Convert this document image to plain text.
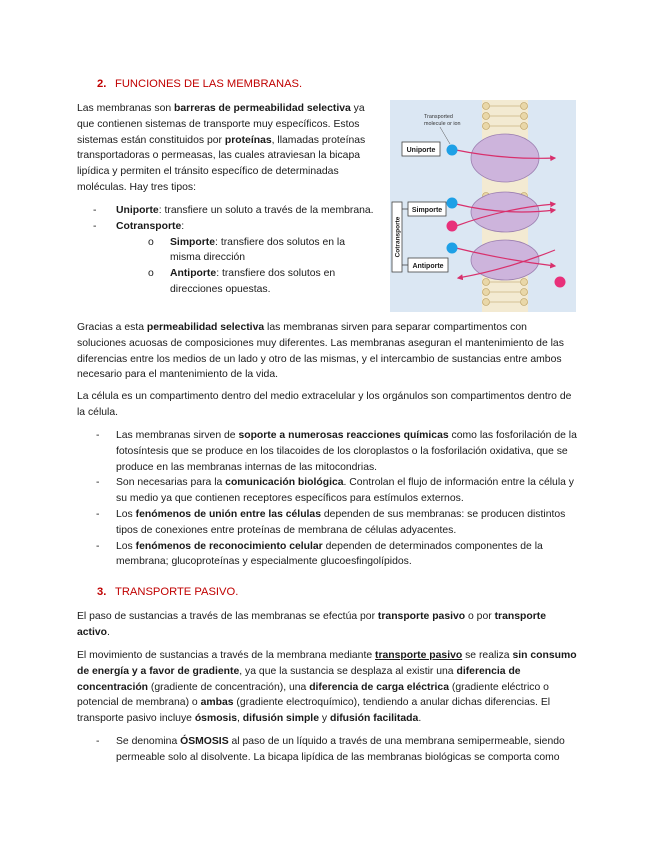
2. FUNCIONES DE LAS MEMBRANAS.

Las membranas son barreras de permeabilidad selectiva ya que contienen sistemas de transporte muy específicos. Estos sistemas están constituidos por proteínas, llamadas proteínas transportadoras o permeasas, las cuales atraviesan la bicapa lipídica y permiten el tránsito específico de determinadas moléculas. Hay tres tipos:

- Uniporte: transfiere un soluto a través de la membrana.
- Cotransporte:
o Simporte: transfiere dos solutos en la misma dirección
o Antiporte: transfiere dos solutos en direcciones opuestas.
Transported
molecule or ion
Uniporte
Simporte
Antiporte
Cotransporte

Gracias a esta permeabilidad selectiva las membranas sirven para separar compartimentos con soluciones acuosas de composiciones muy diferentes. Las membranas aseguran el mantenimiento de las diferencias entre los medios de un lado y otro de las mismas, y el intercambio de sustancias entre ambos necesario para el mantenimiento de la vida.

La célula es un compartimento dentro del medio extracelular y los orgánulos son compartimentos dentro de la célula.

- Las membranas sirven de soporte a numerosas reacciones químicas como las fosforilación de la fotosíntesis que se produce en los tilacoides de los cloroplastos o la fosforilación oxidativa, que se produce en las membranas internas de las mitocondrias.
- Son necesarias para la comunicación biológica. Controlan el flujo de información entre la célula y su medio ya que contienen receptores específicos para estímulos externos.
- Los fenómenos de unión entre las células dependen de sus membranas: se producen distintos tipos de conexiones entre proteínas de membrana de células adyacentes.
- Los fenómenos de reconocimiento celular dependen de determinados componentes de la membrana; glucoproteínas y especialmente glucoesfingolípidos.
3. TRANSPORTE PASIVO.

El paso de sustancias a través de las membranas se efectúa por transporte pasivo o por transporte activo.

El movimiento de sustancias a través de la membrana mediante transporte pasivo se realiza sin consumo de energía y a favor de gradiente, ya que la sustancia se desplaza al existir una diferencia de concentración (gradiente de concentración), una diferencia de carga eléctrica (gradiente eléctrico o potencial de membrana) o ambas (gradiente electroquímico), tendiendo a anular dichas diferencias. El transporte pasivo incluye ósmosis, difusión simple y difusión facilitada.

- Se denomina ÓSMOSIS al paso de un líquido a través de una membrana semipermeable, siendo permeable solo al disolvente. La bicapa lipídica de las membranas biológicas se comporta como
